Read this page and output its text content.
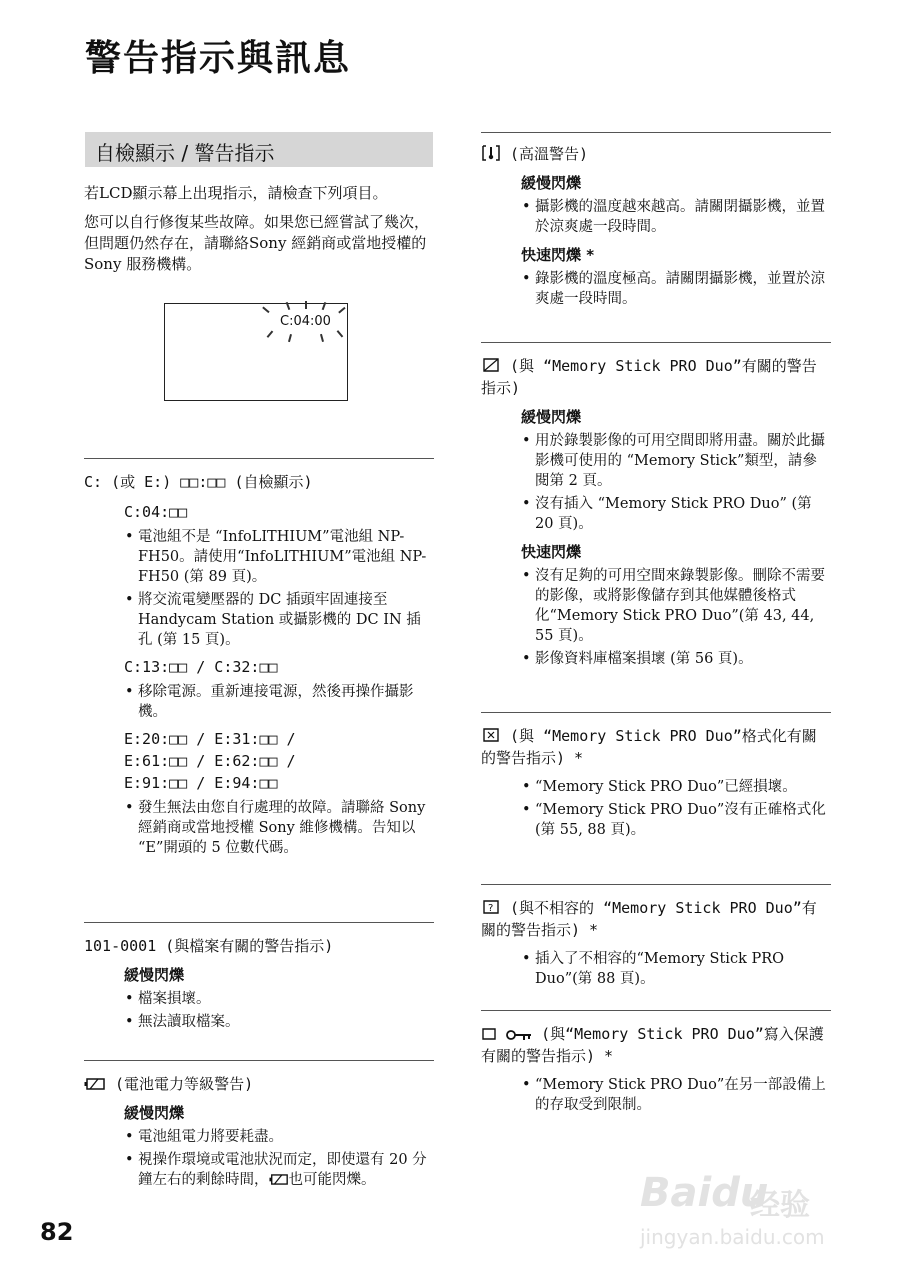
警告指示與訊息
自檢顯示 / 警告指示

若LCD顯示幕上出現指示，請檢查下列項目。

您可以自行修復某些故障。如果您已經嘗試了幾次，但問題仍然存在，請聯絡Sony 經銷商或當地授權的 Sony 服務機構。

C:04:00
C: (或 E:) □□:□□ (自檢顯示)
C:04:□□
• 電池組不是 “InfoLITHIUM”電池組 NP-FH50。請使用“InfoLITHIUM”電池組 NP-FH50 (第 89 頁)。
• 將交流電變壓器的 DC 插頭牢固連接至 Handycam Station 或攝影機的 DC IN 插孔 (第 15 頁)。
C:13:□□ / C:32:□□
• 移除電源。重新連接電源，然後再操作攝影機。
E:20:□□ / E:31:□□ /
E:61:□□ / E:62:□□ /
E:91:□□ / E:94:□□
• 發生無法由您自行處理的故障。請聯絡 Sony 經銷商或當地授權 Sony 維修機構。告知以 “E”開頭的 5 位數代碼。
101-0001 (與檔案有關的警告指示)
緩慢閃爍
• 檔案損壞。
• 無法讀取檔案。
(電池電力等級警告)
緩慢閃爍
• 電池組電力將要耗盡。
• 視操作環境或電池狀況而定，即使還有 20 分鐘左右的剩餘時間， 也可能閃爍。
(高溫警告)
緩慢閃爍
• 攝影機的溫度越來越高。請關閉攝影機，並置於涼爽處一段時間。
快速閃爍 *
• 錄影機的溫度極高。請關閉攝影機，並置於涼爽處一段時間。
(與 “Memory Stick PRO Duo”有關的警告指示)
緩慢閃爍
• 用於錄製影像的可用空間即將用盡。關於此攝影機可使用的 “Memory Stick”類型，請參閱第 2 頁。
• 沒有插入 “Memory Stick PRO Duo” (第 20 頁)。
快速閃爍
• 沒有足夠的可用空間來錄製影像。刪除不需要的影像，或將影像儲存到其他媒體後格式化“Memory Stick PRO Duo”(第 43, 44, 55 頁)。
• 影像資料庫檔案損壞 (第 56 頁)。
(與 “Memory Stick PRO Duo”格式化有關的警告指示) *
• “Memory Stick PRO Duo”已經損壞。
• “Memory Stick PRO Duo”沒有正確格式化 (第 55, 88 頁)。
? (與不相容的 “Memory Stick PRO Duo”有關的警告指示) *
• 插入了不相容的“Memory Stick PRO Duo”(第 88 頁)。
(與“Memory Stick PRO Duo”寫入保護有關的警告指示) *
• “Memory Stick PRO Duo”在另一部設備上的存取受到限制。
82
Baidu
经验
jingyan.baidu.com
